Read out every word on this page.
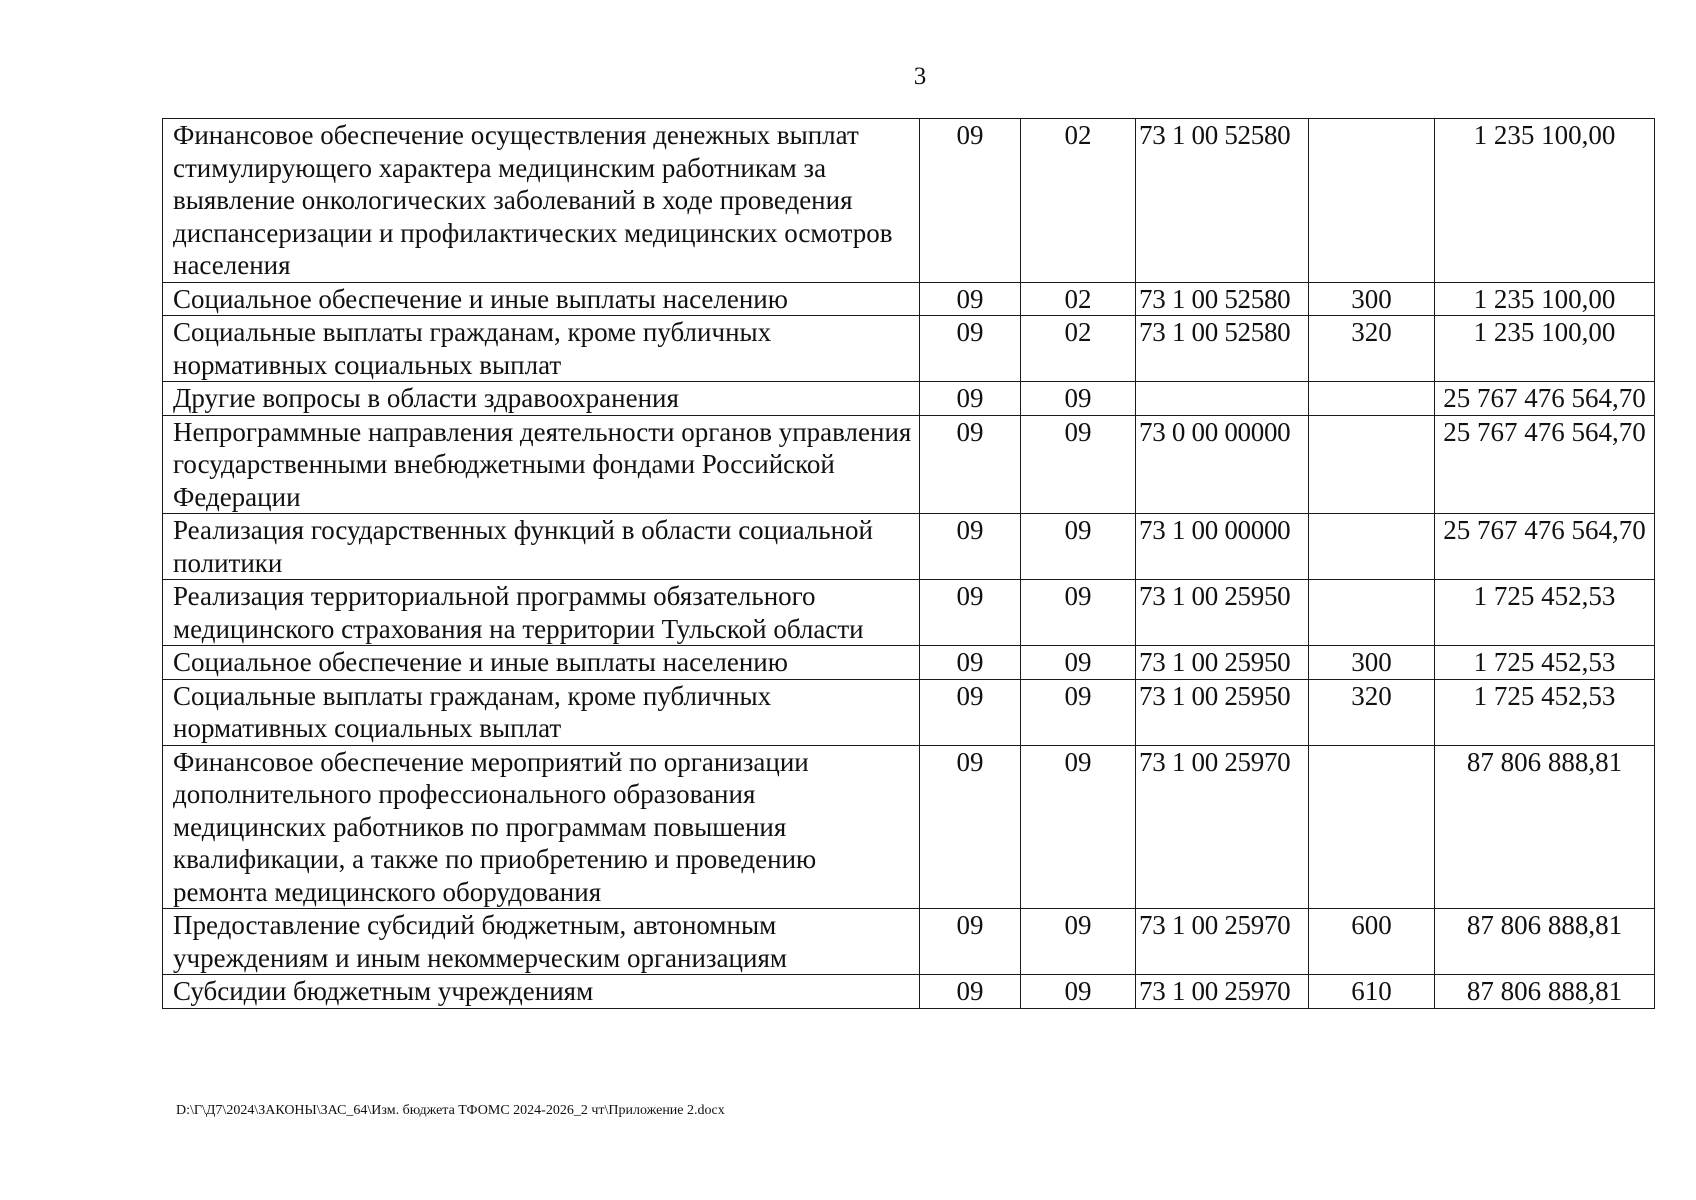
3
Финансовое обеспечение осуществления денежных выплат стимулирующего характера медицинским работникам за выявление онкологических заболеваний в ходе проведения диспансеризации и профилактических медицинских осмотров населения	09	02	73 1 00 52580		1 235 100,00
Социальное обеспечение и иные выплаты населению	09	02	73 1 00 52580	300	1 235 100,00
Социальные выплаты гражданам, кроме публичных нормативных социальных выплат	09	02	73 1 00 52580	320	1 235 100,00
Другие вопросы в области здравоохранения	09	09			25 767 476 564,70
Непрограммные направления деятельности органов управления государственными внебюджетными фондами Российской Федерации	09	09	73 0 00 00000		25 767 476 564,70
Реализация государственных функций в области социальной политики	09	09	73 1 00 00000		25 767 476 564,70
Реализация территориальной программы обязательного медицинского страхования на территории Тульской области	09	09	73 1 00 25950		1 725 452,53
Социальное обеспечение и иные выплаты населению	09	09	73 1 00 25950	300	1 725 452,53
Социальные выплаты гражданам, кроме публичных нормативных социальных выплат	09	09	73 1 00 25950	320	1 725 452,53
Финансовое обеспечение мероприятий по организации дополнительного профессионального образования медицинских работников по программам повышения квалификации, а также по приобретению и проведению ремонта медицинского оборудования	09	09	73 1 00 25970		87 806 888,81
Предоставление субсидий бюджетным, автономным учреждениям и иным некоммерческим организациям	09	09	73 1 00 25970	600	87 806 888,81
Субсидии бюджетным учреждениям	09	09	73 1 00 25970	610	87 806 888,81
D:\Г\Д7\2024\ЗАКОНЫ\ЗАС_64\Изм. бюджета ТФОМС 2024-2026_2 чт\Приложение 2.docx
